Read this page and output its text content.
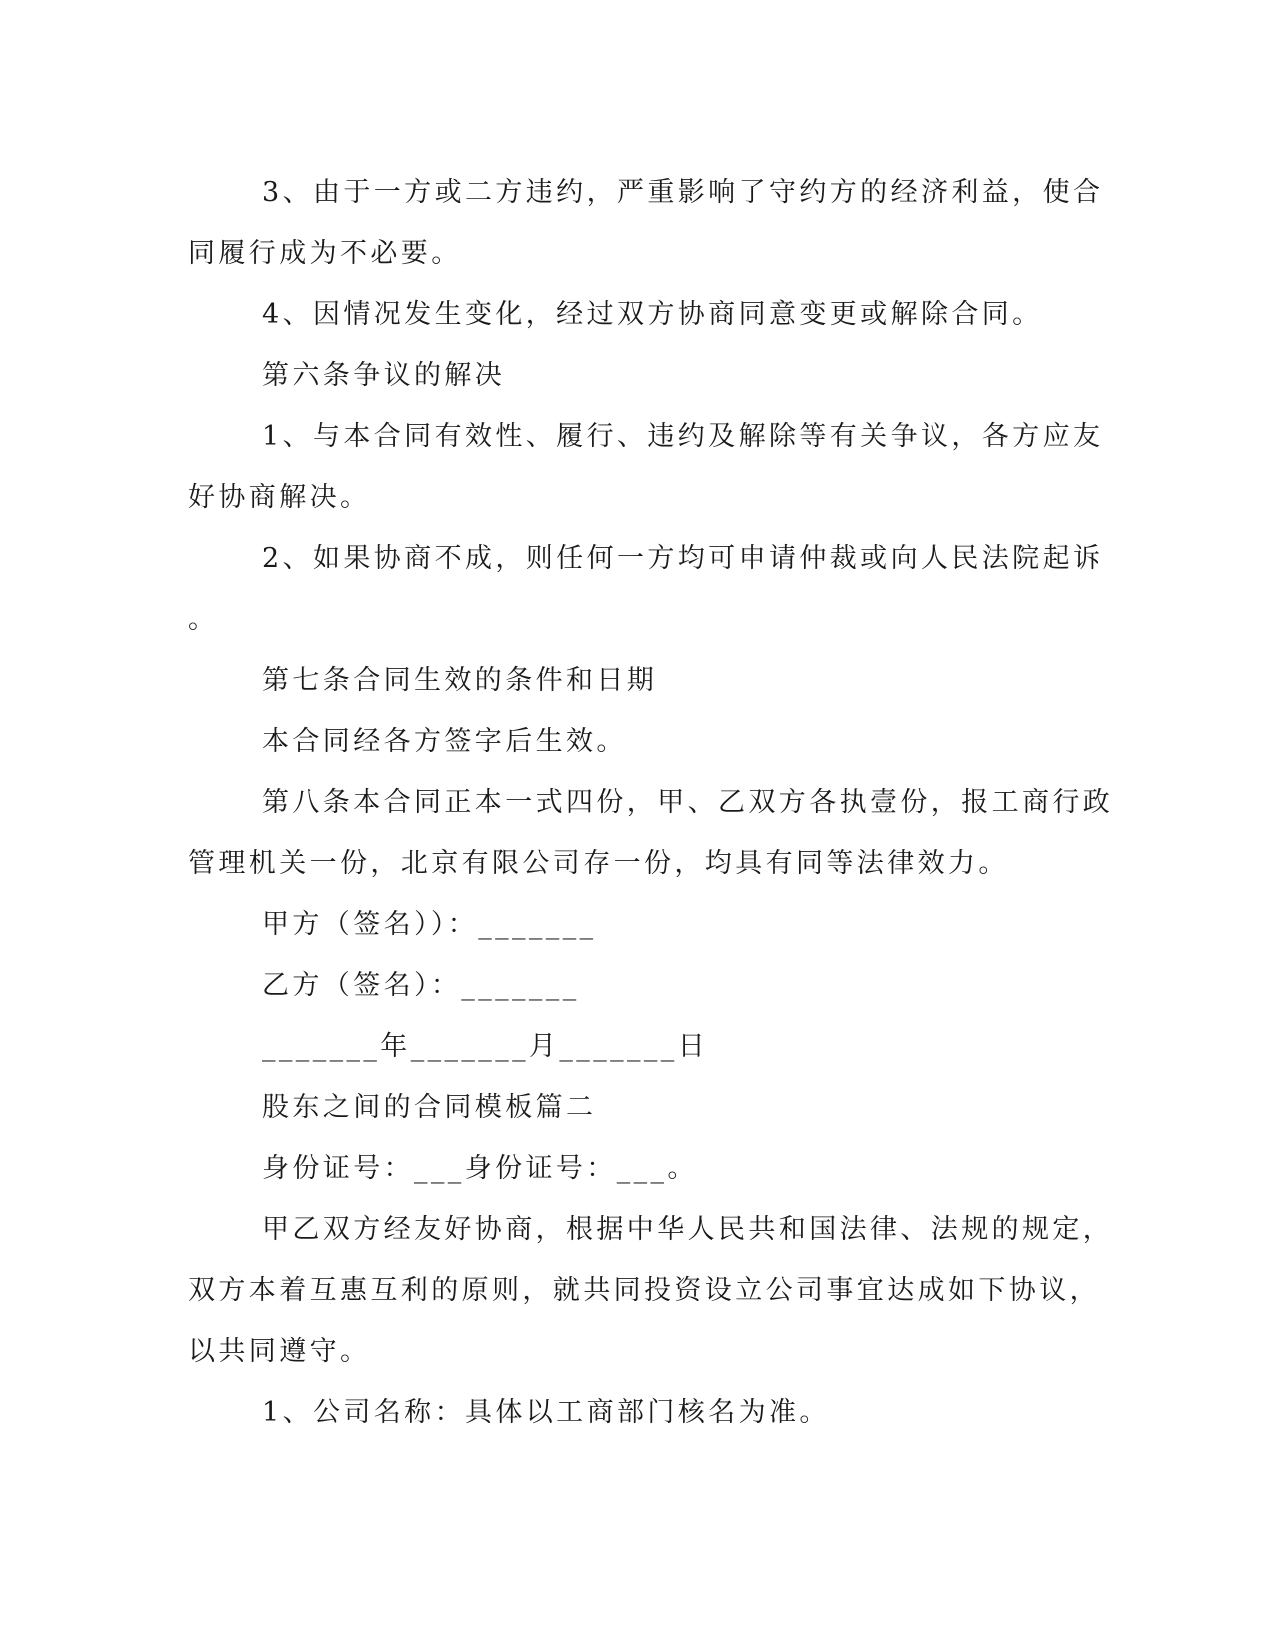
3、由于一方或二方违约，严重影响了守约方的经济利益，使合
同履行成为不必要。
4、因情况发生变化，经过双方协商同意变更或解除合同。
第六条争议的解决
1、与本合同有效性、履行、违约及解除等有关争议，各方应友
好协商解决。
2、如果协商不成，则任何一方均可申请仲裁或向人民法院起诉
。
第七条合同生效的条件和日期
本合同经各方签字后生效。
第八条本合同正本一式四份，甲、乙双方各执壹份，报工商行政
管理机关一份，北京有限公司存一份，均具有同等法律效力。
甲方（签名））：_______
乙方（签名）：_______
_______年_______月_______日
股东之间的合同模板篇二
身份证号：___身份证号：___。
甲乙双方经友好协商，根据中华人民共和国法律、法规的规定，
双方本着互惠互利的原则，就共同投资设立公司事宜达成如下协议，
以共同遵守。
1、公司名称：具体以工商部门核名为准。
